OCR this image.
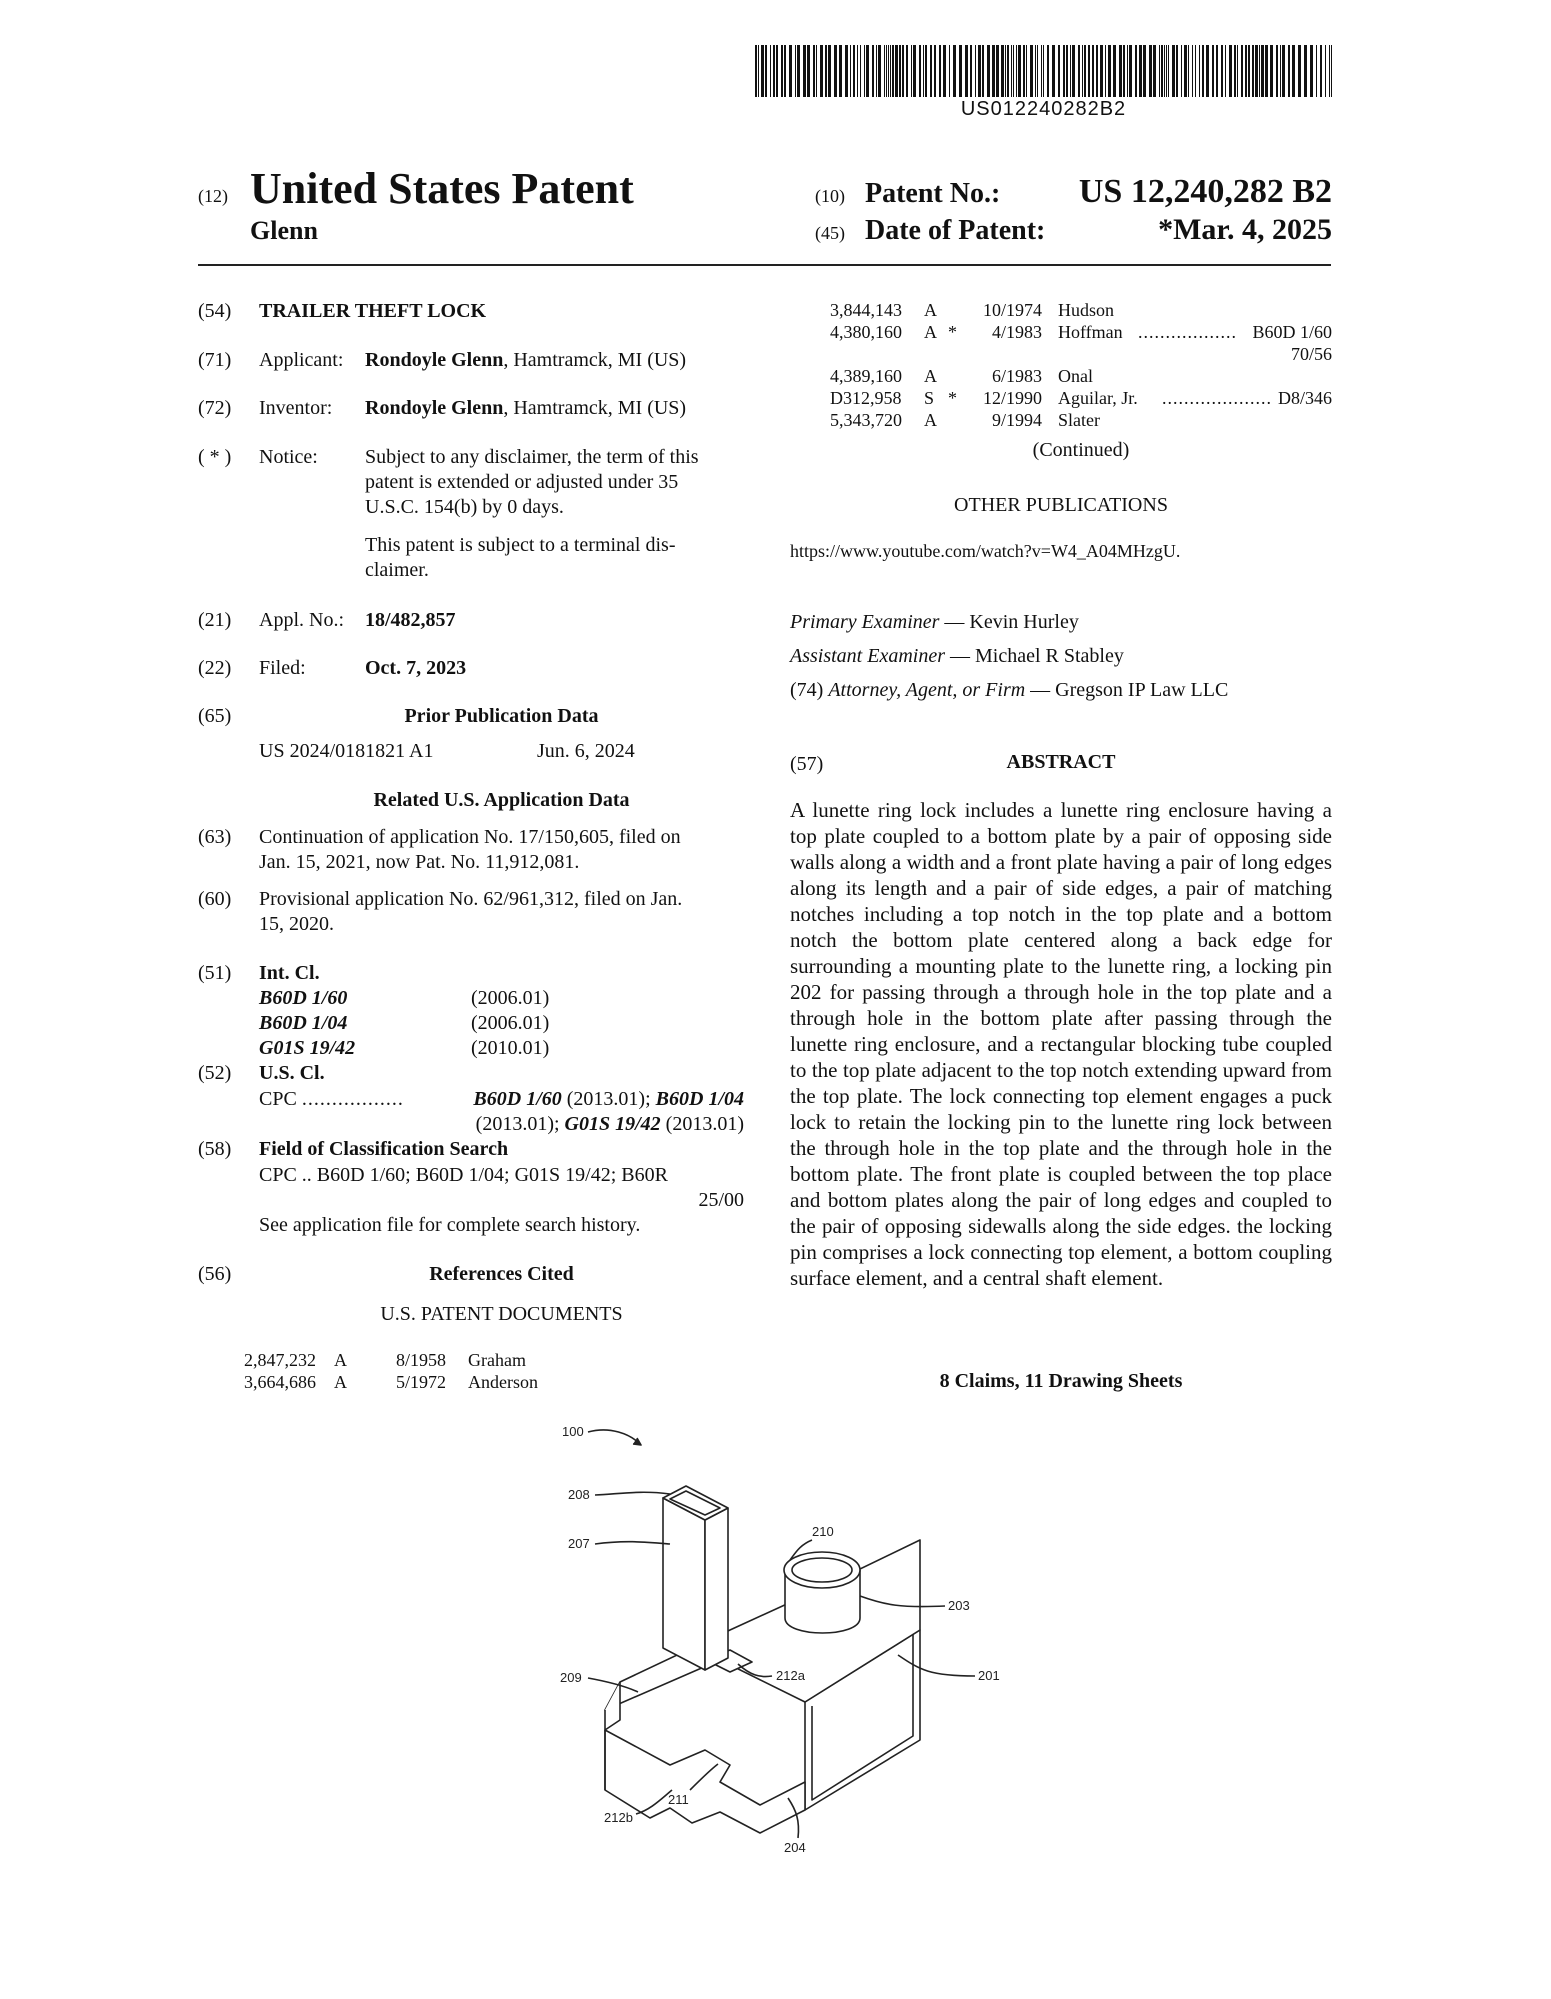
US012240282B2
(12) United States Patent
Glenn
(10) Patent No.:	US 12,240,282 B2
(45) Date of Patent:	*Mar. 4, 2025
(54) TRAILER THEFT LOCK
(71) Applicant: Rondoyle Glenn, Hamtramck, MI (US)
(72) Inventor: Rondoyle Glenn, Hamtramck, MI (US)
( * ) Notice: Subject to any disclaimer, the term of this
patent is extended or adjusted under 35
U.S.C. 154(b) by 0 days.
This patent is subject to a terminal dis-
claimer.
(21) Appl. No.: 18/482,857
(22) Filed:	Oct. 7, 2023
(65)	Prior Publication Data
US 2024/0181821 A1	Jun. 6, 2024
Related U.S. Application Data
(63) Continuation of application No. 17/150,605, filed on
Jan. 15, 2021, now Pat. No. 11,912,081.
(60) Provisional application No. 62/961,312, filed on Jan.
15, 2020.
(51) Int. Cl.
B60D 1/60	(2006.01)
B60D 1/04	(2006.01)
G01S 19/42	(2010.01)
(52) U.S. Cl.
CPC .................	B60D 1/60 (2013.01); B60D 1/04
(2013.01); G01S 19/42 (2013.01)
(58) Field of Classification Search
CPC .. B60D 1/60; B60D 1/04; G01S 19/42; B60R
25/00
See application file for complete search history.
(56)	References Cited
U.S. PATENT DOCUMENTS
2,847,232 A	8/1958 Graham
3,664,686 A	5/1972 Anderson
3,844,143 A	10/1974 Hudson
4,380,160 A *	4/1983 Hoffman .................. B60D 1/60
70/56
4,389,160 A	6/1983 Onal
D312,958 S *	12/1990 Aguilar, Jr. .................... D8/346
5,343,720 A	9/1994 Slater
(Continued)
OTHER PUBLICATIONS
https://www.youtube.com/watch?v=W4_A04MHzgU.
Primary Examiner — Kevin Hurley
Assistant Examiner — Michael R Stabley
(74) Attorney, Agent, or Firm — Gregson IP Law LLC
(57)	ABSTRACT
A lunette ring lock includes a lunette ring enclosure having a top plate coupled to a bottom plate by a pair of opposing side walls along a width and a front plate having a pair of long edges along its length and a pair of side edges, a pair of matching notches including a top notch in the top plate and a bottom notch the bottom plate centered along a back edge for surrounding a mounting plate to the lunette ring, a locking pin 202 for passing through a through hole in the top plate and a through hole in the bottom plate after passing through the lunette ring enclosure, and a rectangular blocking tube coupled to the top plate adjacent to the top notch extending upward from the top plate. The lock connecting top element engages a puck lock to retain the locking pin to the lunette ring lock between the through hole in the top plate and the through hole in the bottom plate. The front plate is coupled between the top place and bottom plates along the pair of long edges and coupled to the pair of opposing sidewalls along the side edges. the locking pin comprises a lock connecting top element, a bottom coupling surface element, and a central shaft element.
8 Claims, 11 Drawing Sheets
100
208
207
210
203
209	212a	201
211
212b
204
